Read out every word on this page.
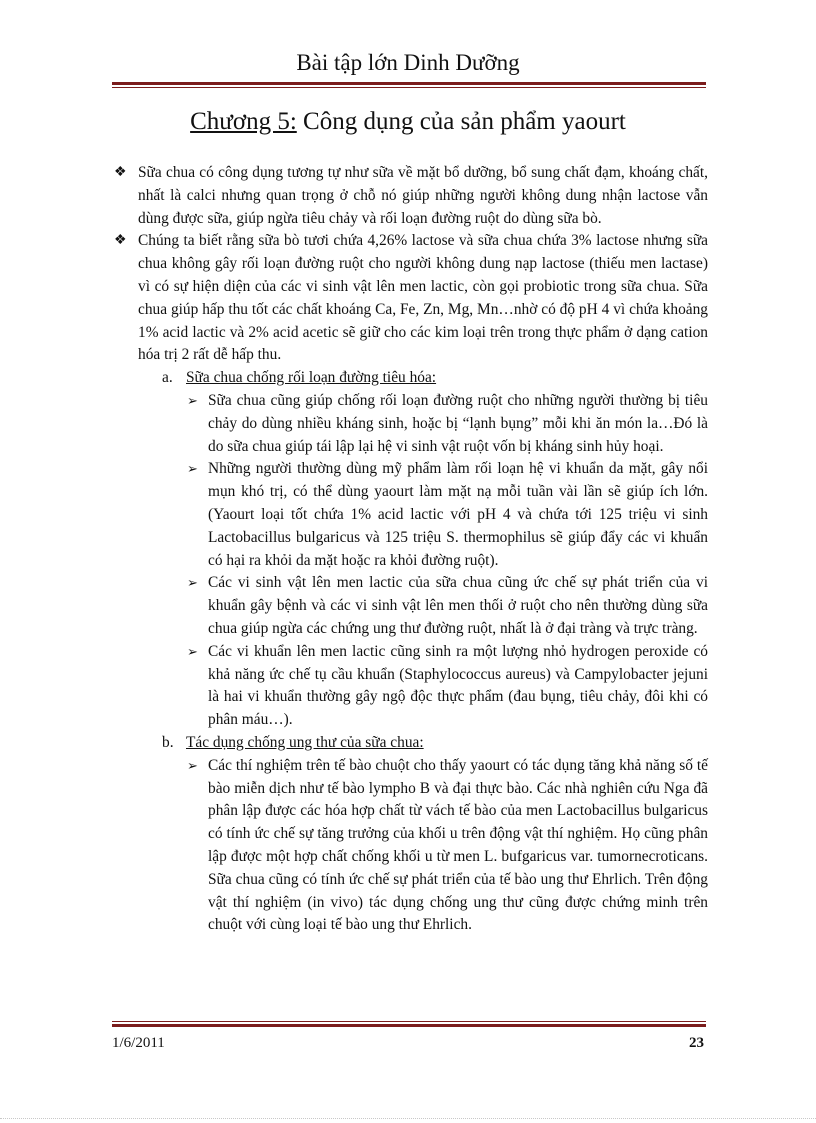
Bài tập lớn Dinh Dưỡng
Chương 5: Công dụng của sản phẩm yaourt
❖ Sữa chua có công dụng tương tự như sữa về mặt bổ dưỡng, bổ sung chất đạm, khoáng chất, nhất là calci nhưng quan trọng ở chỗ nó giúp những người không dung nhận lactose vẫn dùng được sữa, giúp ngừa tiêu chảy và rối loạn đường ruột do dùng sữa bò.
❖ Chúng ta biết rằng sữa bò tươi chứa 4,26% lactose và sữa chua chứa 3% lactose nhưng sữa chua không gây rối loạn đường ruột cho người không dung nạp lactose (thiếu men lactase) vì có sự hiện diện của các vi sinh vật lên men lactic, còn gọi probiotic trong sữa chua. Sữa chua giúp hấp thu tốt các chất khoáng Ca, Fe, Zn, Mg, Mn…nhờ có độ pH 4 vì chứa khoảng 1% acid lactic và 2% acid acetic sẽ giữ cho các kim loại trên trong thực phẩm ở dạng cation hóa trị 2 rất dễ hấp thu.
a. Sữa chua chống rối loạn đường tiêu hóa:
➢ Sữa chua cũng giúp chống rối loạn đường ruột cho những người thường bị tiêu chảy do dùng nhiều kháng sinh, hoặc bị “lạnh bụng” mỗi khi ăn món la…Đó là do sữa chua giúp tái lập lại hệ vi sinh vật ruột vốn bị kháng sinh hủy hoại.
➢ Những người thường dùng mỹ phẩm làm rối loạn hệ vi khuẩn da mặt, gây nổi mụn khó trị, có thể dùng yaourt làm mặt nạ mỗi tuần vài lần sẽ giúp ích lớn. (Yaourt loại tốt chứa 1% acid lactic với pH 4 và chứa tới 125 triệu vi sinh Lactobacillus bulgaricus và 125 triệu S. thermophilus sẽ giúp đẩy các vi khuẩn có hại ra khỏi da mặt hoặc ra khỏi đường ruột).
➢ Các vi sinh vật lên men lactic của sữa chua cũng ức chế sự phát triển của vi khuẩn gây bệnh và các vi sinh vật lên men thối ở ruột cho nên thường dùng sữa chua giúp ngừa các chứng ung thư đường ruột, nhất là ở đại tràng và trực tràng.
➢ Các vi khuẩn lên men lactic cũng sinh ra một lượng nhỏ hydrogen peroxide có khả năng ức chế tụ cầu khuẩn (Staphylococcus aureus) và Campylobacter jejuni là hai vi khuẩn thường gây ngộ độc thực phẩm (đau bụng, tiêu chảy, đôi khi có phân máu…).
b. Tác dụng chống ung thư của sữa chua:
➢ Các thí nghiệm trên tế bào chuột cho thấy yaourt có tác dụng tăng khả năng số tế bào miễn dịch như tế bào lympho B và đại thực bào. Các nhà nghiên cứu Nga đã phân lập được các hóa hợp chất từ vách tế bào của men Lactobacillus bulgaricus có tính ức chế sự tăng trưởng của khối u trên động vật thí nghiệm. Họ cũng phân lập được một hợp chất chống khối u từ men L. bufgaricus var. tumornecroticans. Sữa chua cũng có tính ức chế sự phát triển của tế bào ung thư Ehrlich. Trên động vật thí nghiệm (in vivo) tác dụng chống ung thư cũng được chứng minh trên chuột với cùng loại tế bào ung thư Ehrlich.
1/6/2011	23
